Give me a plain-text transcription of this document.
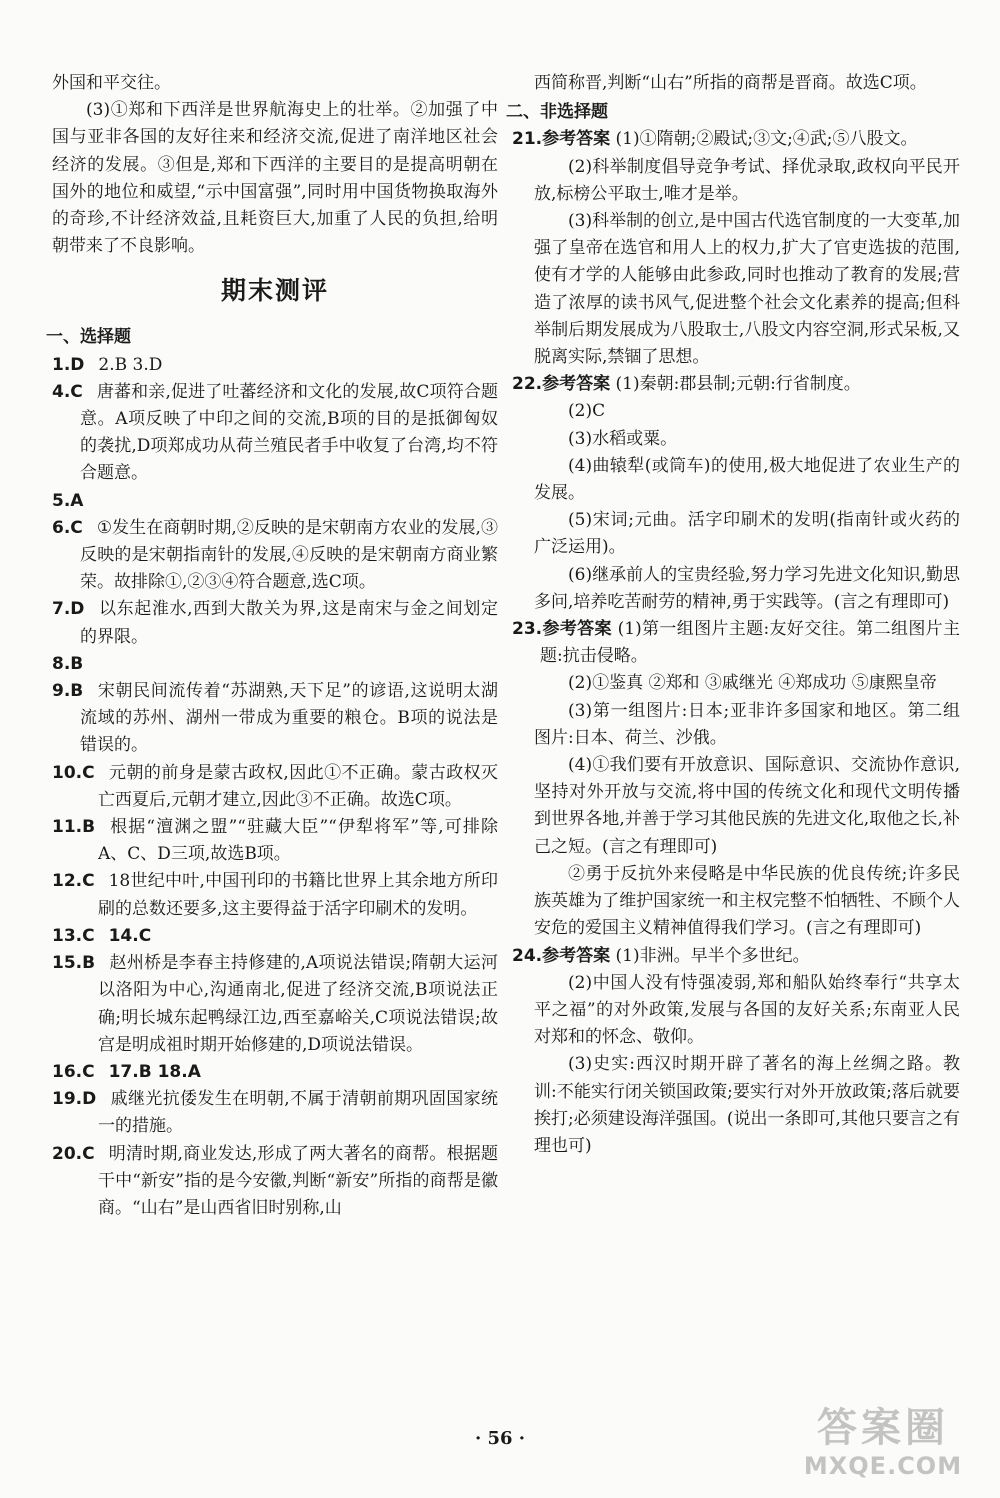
外国和平交往。

(3)①郑和下西洋是世界航海史上的壮举。②加强了中国与亚非各国的友好往来和经济交流,促进了南洋地区社会经济的发展。③但是,郑和下西洋的主要目的是提高明朝在国外的地位和威望,“示中国富强”,同时用中国货物换取海外的奇珍,不计经济效益,且耗资巨大,加重了人民的负担,给明朝带来了不良影响。

期末测评
一、选择题

1.D 2.B 3.D

4.C 唐蕃和亲,促进了吐蕃经济和文化的发展,故C项符合题意。A项反映了中印之间的交流,B项的目的是抵御匈奴的袭扰,D项郑成功从荷兰殖民者手中收复了台湾,均不符合题意。

5.A

6.C ①发生在商朝时期,②反映的是宋朝南方农业的发展,③反映的是宋朝指南针的发展,④反映的是宋朝南方商业繁荣。故排除①,②③④符合题意,选C项。

7.D 以东起淮水,西到大散关为界,这是南宋与金之间划定的界限。

8.B

9.B 宋朝民间流传着“苏湖熟,天下足”的谚语,这说明太湖流域的苏州、湖州一带成为重要的粮仓。B项的说法是错误的。

10.C 元朝的前身是蒙古政权,因此①不正确。蒙古政权灭亡西夏后,元朝才建立,因此③不正确。故选C项。

11.B 根据“澶渊之盟”“驻藏大臣”“伊犁将军”等,可排除A、C、D三项,故选B项。

12.C 18世纪中叶,中国刊印的书籍比世界上其余地方所印刷的总数还要多,这主要得益于活字印刷术的发明。

13.C 14.C

15.B 赵州桥是李春主持修建的,A项说法错误;隋朝大运河以洛阳为中心,沟通南北,促进了经济交流,B项说法正确;明长城东起鸭绿江边,西至嘉峪关,C项说法错误;故宫是明成祖时期开始修建的,D项说法错误。

16.C 17.B 18.A

19.D 戚继光抗倭发生在明朝,不属于清朝前期巩固国家统一的措施。

20.C 明清时期,商业发达,形成了两大著名的商帮。根据题干中“新安”指的是今安徽,判断“新安”所指的商帮是徽商。“山右”是山西省旧时别称,山

西简称晋,判断“山右”所指的商帮是晋商。故选C项。

二、非选择题

21.参考答案 (1)①隋朝;②殿试;③文;④武;⑤八股文。

(2)科举制度倡导竞争考试、择优录取,政权向平民开放,标榜公平取士,唯才是举。

(3)科举制的创立,是中国古代选官制度的一大变革,加强了皇帝在选官和用人上的权力,扩大了官吏选拔的范围,使有才学的人能够由此参政,同时也推动了教育的发展;营造了浓厚的读书风气,促进整个社会文化素养的提高;但科举制后期发展成为八股取士,八股文内容空洞,形式呆板,又脱离实际,禁锢了思想。

22.参考答案 (1)秦朝:郡县制;元朝:行省制度。

(2)C

(3)水稻或粟。

(4)曲辕犁(或筒车)的使用,极大地促进了农业生产的发展。

(5)宋词;元曲。活字印刷术的发明(指南针或火药的广泛运用)。

(6)继承前人的宝贵经验,努力学习先进文化知识,勤思多问,培养吃苦耐劳的精神,勇于实践等。(言之有理即可)

23.参考答案 (1)第一组图片主题:友好交往。第二组图片主题:抗击侵略。

(2)①鉴真 ②郑和 ③戚继光 ④郑成功 ⑤康熙皇帝

(3)第一组图片:日本;亚非许多国家和地区。第二组图片:日本、荷兰、沙俄。

(4)①我们要有开放意识、国际意识、交流协作意识,坚持对外开放与交流,将中国的传统文化和现代文明传播到世界各地,并善于学习其他民族的先进文化,取他之长,补己之短。(言之有理即可)

②勇于反抗外来侵略是中华民族的优良传统;许多民族英雄为了维护国家统一和主权完整不怕牺牲、不顾个人安危的爱国主义精神值得我们学习。(言之有理即可)

24.参考答案 (1)非洲。早半个多世纪。

(2)中国人没有恃强凌弱,郑和船队始终奉行“共享太平之福”的对外政策,发展与各国的友好关系;东南亚人民对郑和的怀念、敬仰。

(3)史实:西汉时期开辟了著名的海上丝绸之路。教训:不能实行闭关锁国政策;要实行对外开放政策;落后就要挨打;必须建设海洋强国。(说出一条即可,其他只要言之有理也可)

· 56 ·	答案圈
MXQE.COM
